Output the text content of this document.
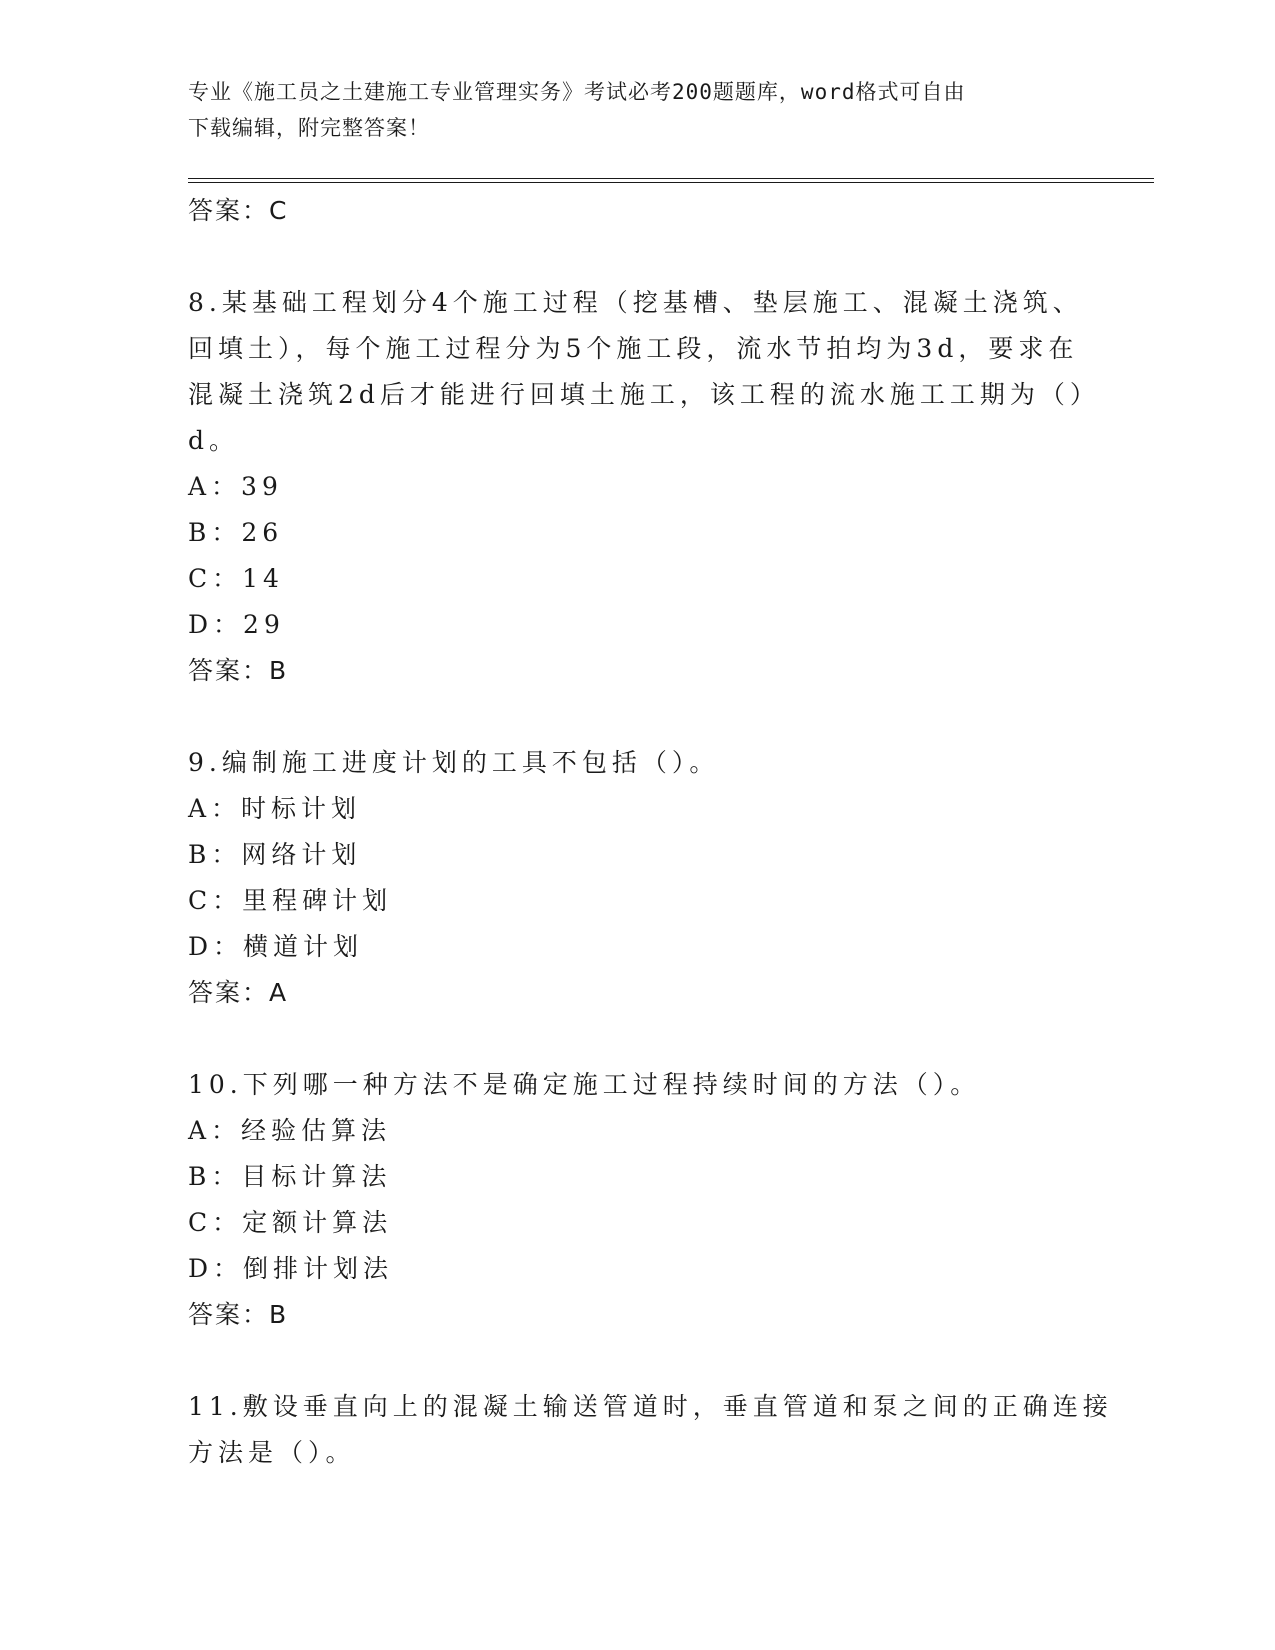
专业《施工员之土建施工专业管理实务》考试必考200题题库，word格式可自由
下载编辑，附完整答案！

答案：C

8.某基础工程划分4个施工过程（挖基槽、垫层施工、混凝土浇筑、

回填土），每个施工过程分为5个施工段，流水节拍均为3d，要求在

混凝土浇筑2d后才能进行回填土施工，该工程的流水施工工期为（）

d。

A：39

B：26

C：14

D：29

答案：B

9.编制施工进度计划的工具不包括（）。

A：时标计划

B：网络计划

C：里程碑计划

D：横道计划

答案：A

10.下列哪一种方法不是确定施工过程持续时间的方法（）。

A：经验估算法

B：目标计算法

C：定额计算法

D：倒排计划法

答案：B

11.敷设垂直向上的混凝土输送管道时，垂直管道和泵之间的正确连接

方法是（）。
